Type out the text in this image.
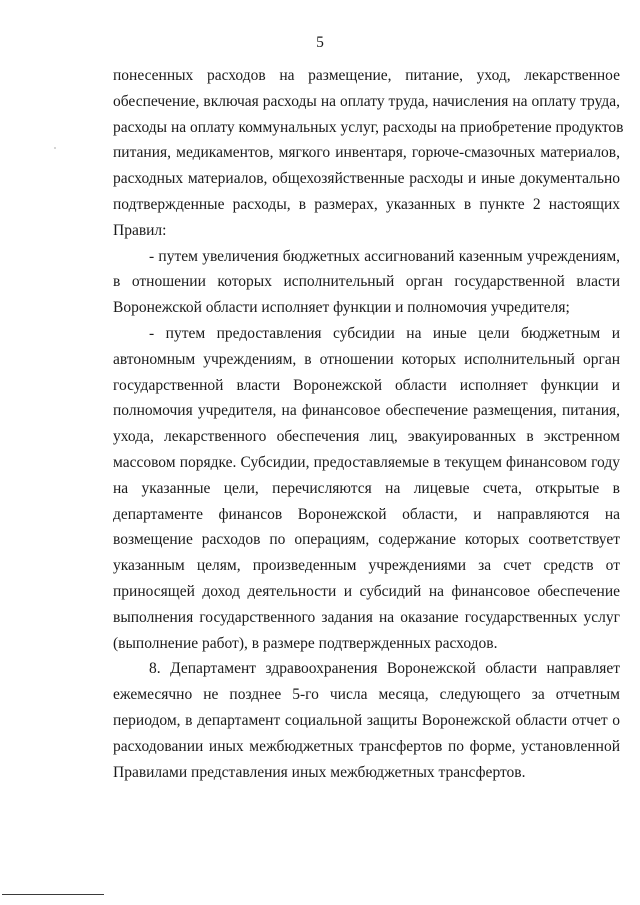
5
понесенных расходов на размещение, питание, уход, лекарственное
обеспечение, включая расходы на оплату труда, начисления на оплату труда,
расходы на оплату коммунальных услуг, расходы на приобретение продуктов
питания, медикаментов, мягкого инвентаря, горюче-смазочных материалов,
расходных материалов, общехозяйственные расходы и иные документально
подтвержденные расходы, в размерах, указанных в пункте 2 настоящих
Правил:
- путем увеличения бюджетных ассигнований казенным учреждениям,
в отношении которых исполнительный орган государственной власти
Воронежской области исполняет функции и полномочия учредителя;
- путем предоставления субсидии на иные цели бюджетным и
автономным учреждениям, в отношении которых исполнительный орган
государственной власти Воронежской области исполняет функции и
полномочия учредителя, на финансовое обеспечение размещения, питания,
ухода, лекарственного обеспечения лиц, эвакуированных в экстренном
массовом порядке. Субсидии, предоставляемые в текущем финансовом году
на указанные цели, перечисляются на лицевые счета, открытые в
департаменте финансов Воронежской области, и направляются на
возмещение расходов по операциям, содержание которых соответствует
указанным целям, произведенным учреждениями за счет средств от
приносящей доход деятельности и субсидий на финансовое обеспечение
выполнения государственного задания на оказание государственных услуг
(выполнение работ), в размере подтвержденных расходов.
8. Департамент здравоохранения Воронежской области направляет
ежемесячно не позднее 5-го числа месяца, следующего за отчетным
периодом, в департамент социальной защиты Воронежской области отчет о
расходовании иных межбюджетных трансфертов по форме, установленной
Правилами представления иных межбюджетных трансфертов.
